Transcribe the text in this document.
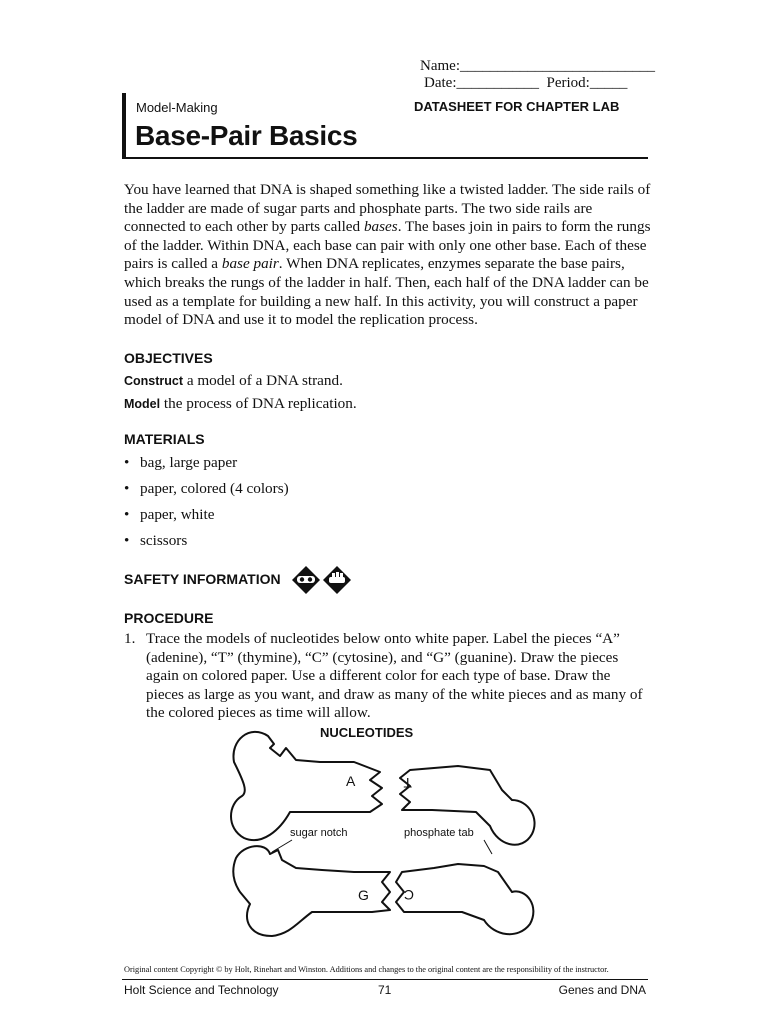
Name:__________________________
Date:___________ Period:_____
Model-Making	DATASHEET FOR CHAPTER LAB
Base-Pair Basics
You have learned that DNA is shaped something like a twisted ladder. The side rails of the ladder are made of sugar parts and phosphate parts. The two side rails are connected to each other by parts called bases. The bases join in pairs to form the rungs of the ladder. Within DNA, each base can pair with only one other base. Each of these pairs is called a base pair. When DNA replicates, enzymes separate the base pairs, which breaks the rungs of the ladder in half. Then, each half of the DNA ladder can be used as a template for building a new half. In this activity, you will construct a paper model of DNA and use it to model the replication process.
OBJECTIVES
Construct a model of a DNA strand.
Model the process of DNA replication.
MATERIALS
• bag, large paper
• paper, colored (4 colors)
• paper, white
• scissors
SAFETY INFORMATION
PROCEDURE
1. Trace the models of nucleotides below onto white paper. Label the pieces “A” (adenine), “T” (thymine), “C” (cytosine), and “G” (guanine). Draw the pieces again on colored paper. Use a different color for each type of base. Draw the pieces as large as you want, and draw as many of the white pieces and as many of the colored pieces as time will allow.
NUCLEOTIDES
A	T
sugar notch	phosphate tab
G C
Original content Copyright © by Holt, Rinehart and Winston. Additions and changes to the original content are the responsibility of the instructor.
Holt Science and Technology	71	Genes and DNA
